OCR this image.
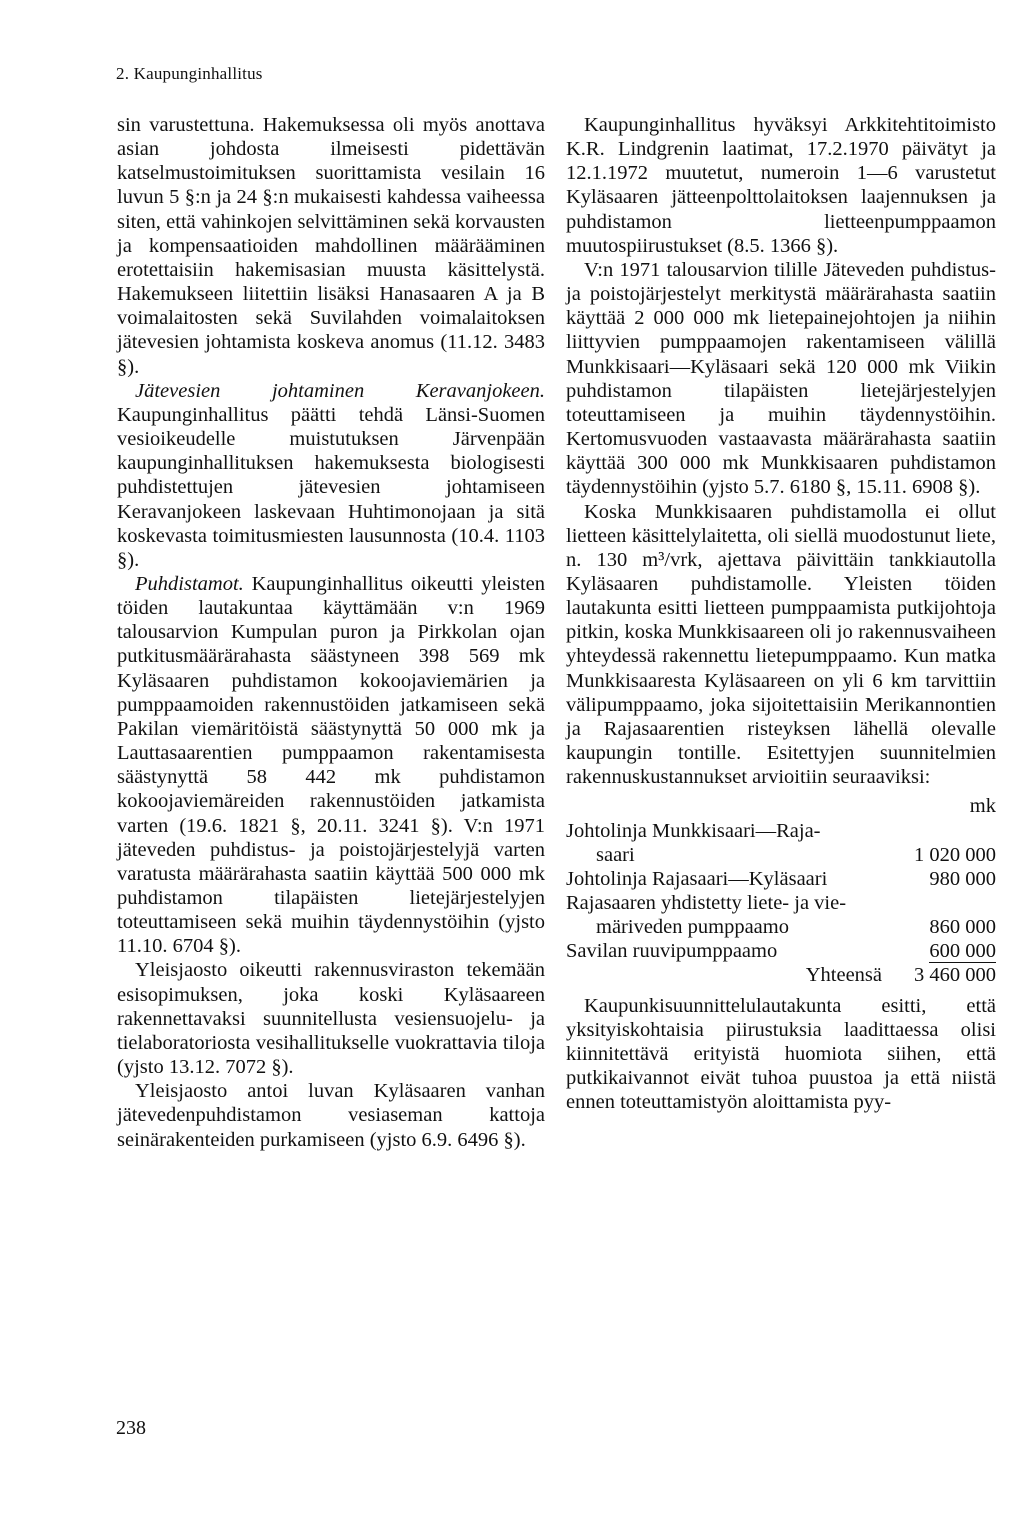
2. Kaupunginhallitus

sin varustettuna. Hakemuksessa oli myös anottava asian johdosta ilmeisesti pidettävän katselmustoimituksen suorittamista vesilain 16 luvun 5 §:n ja 24 §:n mukaisesti kahdessa vaiheessa siten, että vahinkojen selvittäminen sekä korvausten ja kompensaatioiden mahdollinen määrääminen erotettaisiin hakemisasian muusta käsittelystä. Hakemukseen liitettiin lisäksi Hanasaaren A ja B voimalaitosten sekä Suvilahden voimalaitoksen jätevesien johtamista koskeva anomus (11.12. 3483 §).

Jätevesien johtaminen Keravanjokeen. Kaupunginhallitus päätti tehdä Länsi-Suomen vesioikeudelle muistutuksen Järvenpään kaupunginhallituksen hakemuksesta biologisesti puhdistettujen jätevesien johtamiseen Keravanjokeen laskevaan Huhtimonojaan ja sitä koskevasta toimitusmiesten lausunnosta (10.4. 1103 §).

Puhdistamot. Kaupunginhallitus oikeutti yleisten töiden lautakuntaa käyttämään v:n 1969 talousarvion Kumpulan puron ja Pirkkolan ojan putkitusmäärärahasta säästyneen 398 569 mk Kyläsaaren puhdistamon kokoojaviemärien ja pumppaamoiden rakennustöiden jatkamiseen sekä Pakilan viemäritöistä säästynyttä 50 000 mk ja Lauttasaarentien pumppaamon rakentamisesta säästynyttä 58 442 mk puhdistamon kokoojaviemäreiden rakennustöiden jatkamista varten (19.6. 1821 §, 20.11. 3241 §). V:n 1971 jäteveden puhdistus- ja poistojärjestelyjä varten varatusta määrärahasta saatiin käyttää 500 000 mk puhdistamon tilapäisten lietejärjestelyjen toteuttamiseen sekä muihin täydennystöihin (yjsto 11.10. 6704 §).

Yleisjaosto oikeutti rakennusviraston tekemään esisopimuksen, joka koski Kyläsaareen rakennettavaksi suunnitellusta vesiensuojelu- ja tielaboratoriosta vesihallitukselle vuokrattavia tiloja (yjsto 13.12. 7072 §).

Yleisjaosto antoi luvan Kyläsaaren vanhan jätevedenpuhdistamon vesiaseman kattoja seinärakenteiden purkamiseen (yjsto 6.9. 6496 §).

Kaupunginhallitus hyväksyi Arkkitehtitoimisto K.R. Lindgrenin laatimat, 17.2.1970 päivätyt ja 12.1.1972 muutetut, numeroin 1—6 varustetut Kyläsaaren jätteenpolttolaitoksen laajennuksen ja puhdistamon lietteenpumppaamon muutospiirustukset (8.5. 1366 §).

V:n 1971 talousarvion tilille Jäteveden puhdistus- ja poistojärjestelyt merkitystä määrärahasta saatiin käyttää 2 000 000 mk lietepainejohtojen ja niihin liittyvien pumppaamojen rakentamiseen välillä Munkkisaari—Kyläsaari sekä 120 000 mk Viikin puhdistamon tilapäisten lietejärjestelyjen toteuttamiseen ja muihin täydennystöihin. Kertomusvuoden vastaavasta määrärahasta saatiin käyttää 300 000 mk Munkkisaaren puhdistamon täydennystöihin (yjsto 5.7. 6180 §, 15.11. 6908 §).

Koska Munkkisaaren puhdistamolla ei ollut lietteen käsittelylaitetta, oli siellä muodostunut liete, n. 130 m³/vrk, ajettava päivittäin tankkiautolla Kyläsaaren puhdistamolle. Yleisten töiden lautakunta esitti lietteen pumppaamista putkijohtoja pitkin, koska Munkkisaareen oli jo rakennusvaiheen yhteydessä rakennettu lietepumppaamo. Kun matka Munkkisaaresta Kyläsaareen on yli 6 km tarvittiin välipumppaamo, joka sijoitettaisiin Merikannontien ja Rajasaarentien risteyksen lähellä olevalle kaupungin tontille. Esitettyjen suunnitelmien rakennuskustannukset arvioitiin seuraaviksi:

	mk
Johtolinja Munkkisaari—Raja-	
saari	1 020 000
Johtolinja Rajasaari—Kyläsaari	980 000
Rajasaaren yhdistetty liete- ja vie-	
märiveden pumppaamo	860 000
Savilan ruuvipumppaamo	600 000
Yhteensä	3 460 000

Kaupunkisuunnittelulautakunta esitti, että yksityiskohtaisia piirustuksia laadittaessa olisi kiinnitettävä erityistä huomiota siihen, että putkikaivannot eivät tuhoa puustoa ja että niistä ennen toteuttamistyön aloittamista pyy-

238
